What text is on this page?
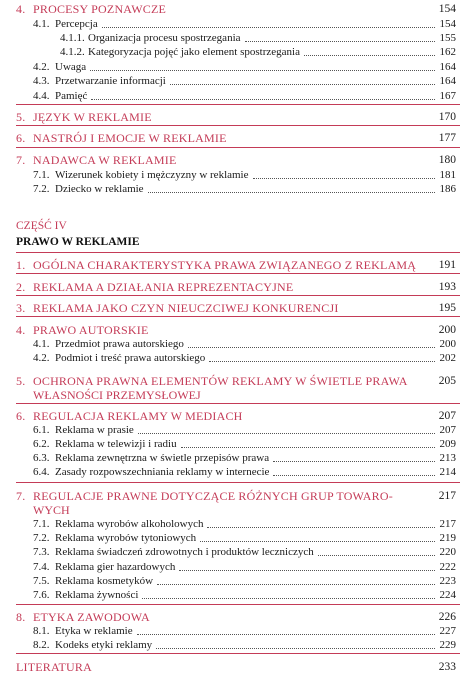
CZĘŚĆ IV
PRAWO W REKLAMIE
4. PROCESY POZNAWCZE	154
4.1. Percepcja	154
4.1.1. Organizacja procesu spostrzegania	155
4.1.2. Kategoryzacja pojęć jako element spostrzegania	162
4.2. Uwaga	164
4.3. Przetwarzanie informacji	164
4.4. Pamięć	167
5. JĘZYK W REKLAMIE	170
6. NASTRÓJ I EMOCJE W REKLAMIE	177
7. NADAWCA W REKLAMIE	180
7.1. Wizerunek kobiety i mężczyzny w reklamie	181
7.2. Dziecko w reklamie	186
1. OGÓLNA CHARAKTERYSTYKA PRAWA ZWIĄZANEGO Z REKLAMĄ 191
2. REKLAMA A DZIAŁANIA REPREZENTACYJNE	193
3. REKLAMA JAKO CZYN NIEUCZCIWEJ KONKURENCJI	195
4. PRAWO AUTORSKIE	200
4.1. Przedmiot prawa autorskiego	200
4.2. Podmiot i treść prawa autorskiego	202
5. OCHRONA PRAWNA ELEMENTÓW REKLAMY W ŚWIETLE PRAWA	205
WŁASNOŚCI PRZEMYSŁOWEJ
6. REGULACJA REKLAMY W MEDIACH	207
6.1. Reklama w prasie	207
6.2. Reklama w telewizji i radiu	209
6.3. Reklama zewnętrzna w świetle przepisów prawa	213
6.4. Zasady rozpowszechniania reklamy w internecie	214
7. REGULACJE PRAWNE DOTYCZĄCE RÓŻNYCH GRUP TOWARO-	217
WYCH
7.1. Reklama wyrobów alkoholowych	217
7.2. Reklama wyrobów tytoniowych	219
7.3. Reklama świadczeń zdrowotnych i produktów leczniczych	220
7.4. Reklama gier hazardowych	222
7.5. Reklama kosmetyków	223
7.6. Reklama żywności	224
8. ETYKA ZAWODOWA	226
8.1. Etyka w reklamie	227
8.2. Kodeks etyki reklamy	229
LITERATURA	233
